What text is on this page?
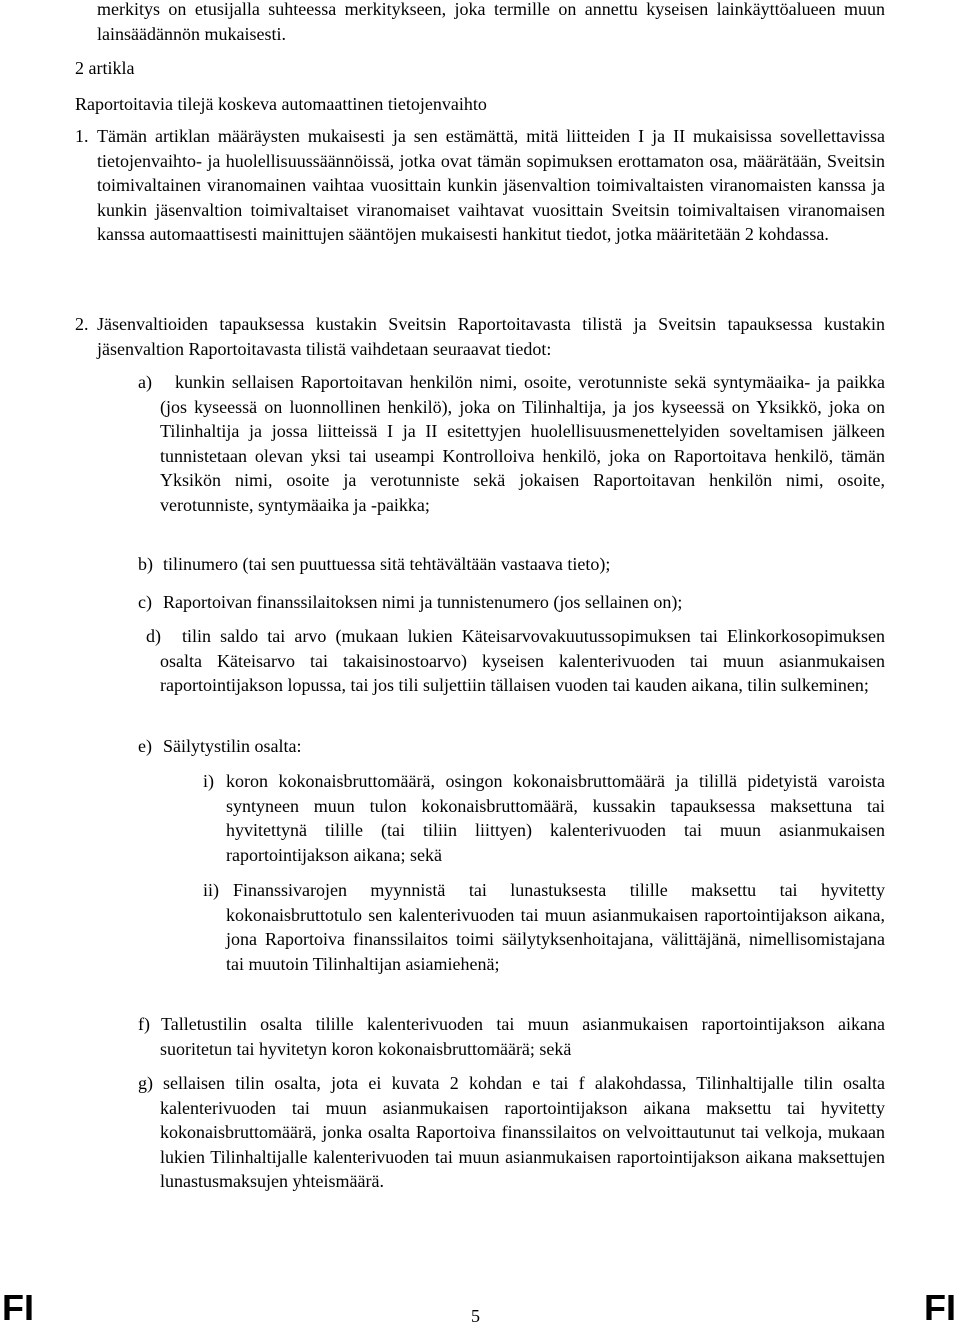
merkitys on etusijalla suhteessa merkitykseen, joka termille on annettu kyseisen lainkäyttöalueen muun lainsäädännön mukaisesti.

2 artikla
Raportoitavia tilejä koskeva automaattinen tietojenvaihto
1. Tämän artiklan määräysten mukaisesti ja sen estämättä, mitä liitteiden I ja II mukaisissa sovellettavissa tietojenvaihto- ja huolellisuussäännöissä, jotka ovat tämän sopimuksen erottamaton osa, määrätään, Sveitsin toimivaltainen viranomainen vaihtaa vuosittain kunkin jäsenvaltion toimivaltaisten viranomaisten kanssa ja kunkin jäsenvaltion toimivaltaiset viranomaiset vaihtavat vuosittain Sveitsin toimivaltaisen viranomaisen kanssa automaattisesti mainittujen sääntöjen mukaisesti hankitut tiedot, jotka määritetään 2 kohdassa.

2. Jäsenvaltioiden tapauksessa kustakin Sveitsin Raportoitavasta tilistä ja Sveitsin tapauksessa kustakin jäsenvaltion Raportoitavasta tilistä vaihdetaan seuraavat tiedot:

a)	kunkin sellaisen Raportoitavan henkilön nimi, osoite, verotunniste sekä syntymäaika- ja paikka (jos kyseessä on luonnollinen henkilö), joka on Tilinhaltija, ja jos kyseessä on Yksikkö, joka on Tilinhaltija ja jossa liitteissä I ja II esitettyjen huolellisuusmenettelyiden soveltamisen jälkeen tunnistetaan olevan yksi tai useampi Kontrolloiva henkilö, joka on Raportoitava henkilö, tämän Yksikön nimi, osoite ja verotunniste sekä jokaisen Raportoitavan henkilön nimi, osoite, verotunniste, syntymäaika ja -paikka;

b) tilinumero (tai sen puuttuessa sitä tehtävältään vastaava tieto);

c) Raportoivan finanssilaitoksen nimi ja tunnistenumero (jos sellainen on);

d)	tilin saldo tai arvo (mukaan lukien Käteisarvovakuutussopimuksen tai Elinkorkosopimuksen osalta Käteisarvo tai takaisinostoarvo) kyseisen kalenterivuoden tai muun asianmukaisen raportointijakson lopussa, tai jos tili suljettiin tällaisen vuoden tai kauden aikana, tilin sulkeminen;

e) Säilytystilin osalta:

i) koron kokonaisbruttomäärä, osingon kokonaisbruttomäärä ja tilillä pidetyistä varoista syntyneen muun tulon kokonaisbruttomäärä, kussakin tapauksessa maksettuna tai hyvitettynä tilille (tai tiliin liittyen) kalenterivuoden tai muun asianmukaisen raportointijakson aikana; sekä

ii) Finanssivarojen myynnistä tai lunastuksesta tilille maksettu tai hyvitetty kokonaisbruttotulo sen kalenterivuoden tai muun asianmukaisen raportointijakson aikana, jona Raportoiva finanssilaitos toimi säilytyksenhoitajana, välittäjänä, nimellisomistajana tai muutoin Tilinhaltijan asiamiehenä;

f) Talletustilin osalta tilille kalenterivuoden tai muun asianmukaisen raportointijakson aikana suoritetun tai hyvitetyn koron kokonaisbruttomäärä; sekä

g) sellaisen tilin osalta, jota ei kuvata 2 kohdan e tai f alakohdassa, Tilinhaltijalle tilin osalta kalenterivuoden tai muun asianmukaisen raportointijakson aikana maksettu tai hyvitetty kokonaisbruttomäärä, jonka osalta Raportoiva finanssilaitos on velvoittautunut tai velkoja, mukaan lukien Tilinhaltijalle kalenterivuoden tai muun asianmukaisen raportointijakson aikana maksettujen lunastusmaksujen yhteismäärä.

FI	5	FI
